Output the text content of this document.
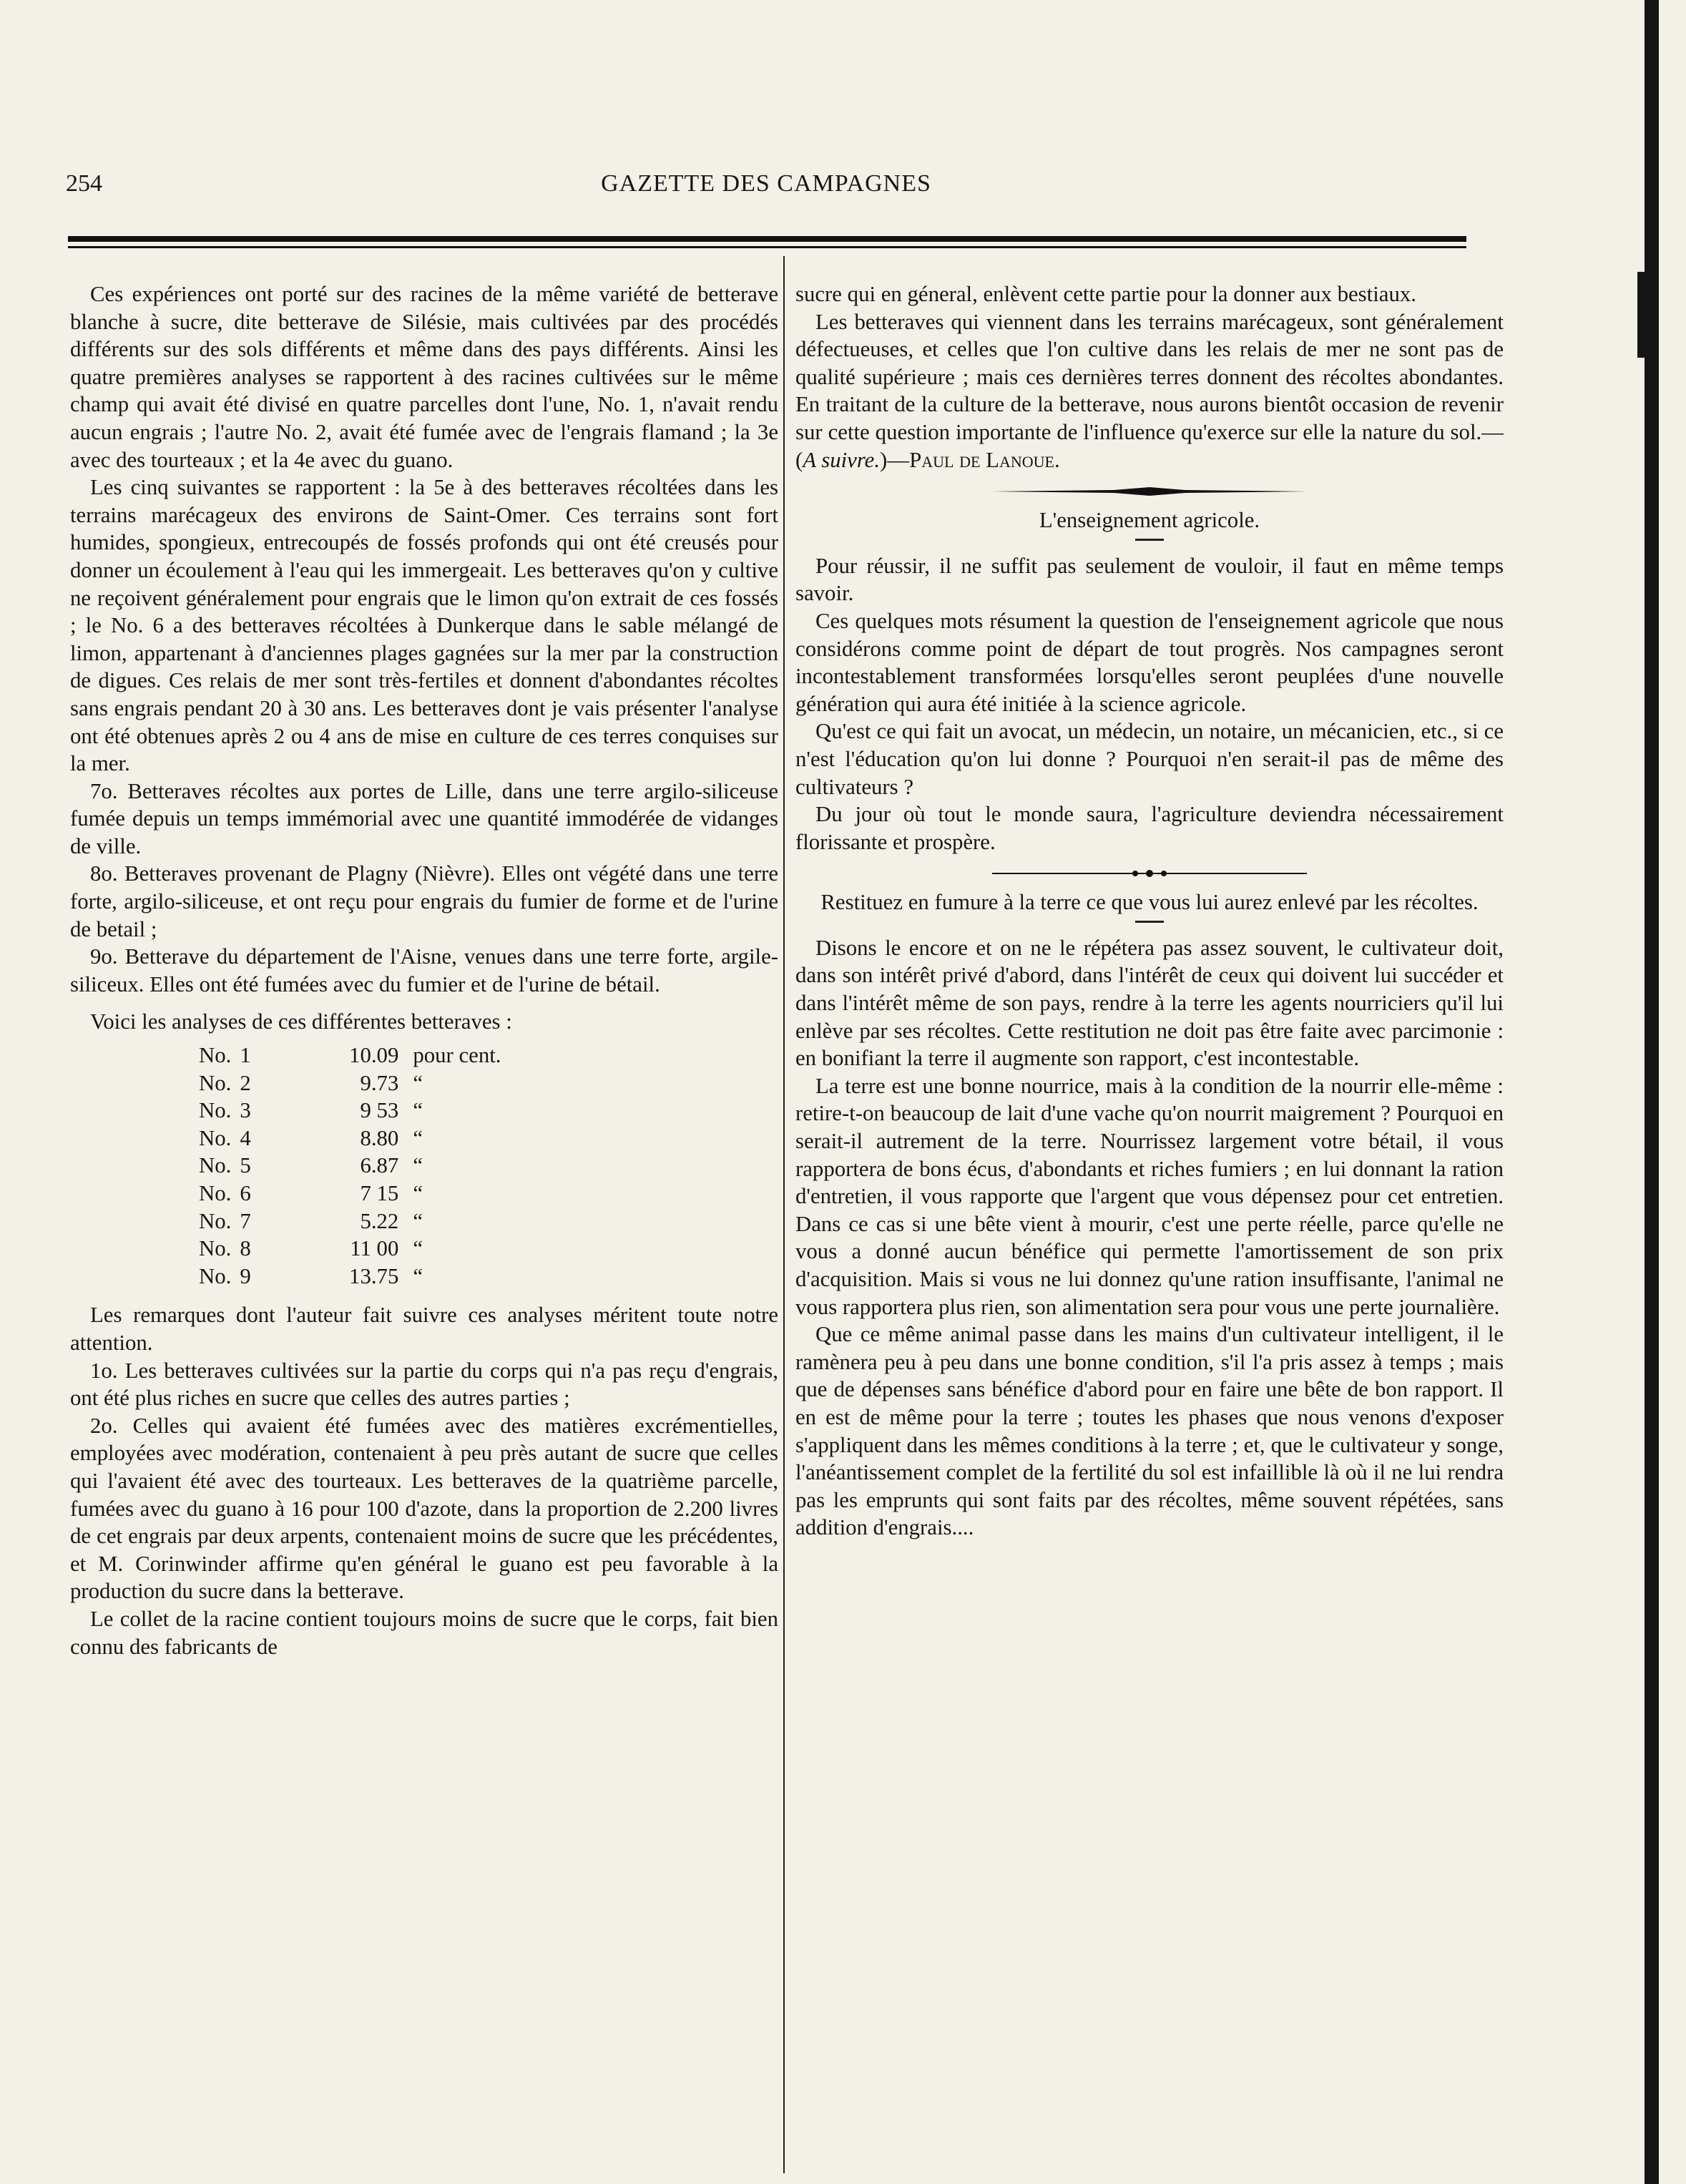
254	GAZETTE DES CAMPAGNES

Ces expériences ont porté sur des racines de la même variété de betterave blanche à sucre, dite betterave de Silésie, mais cultivées par des procédés différents sur des sols différents et même dans des pays différents. Ainsi les quatre premières analyses se rapportent à des racines cultivées sur le même champ qui avait été divisé en quatre parcelles dont l'une, No. 1, n'avait rendu aucun engrais ; l'autre No. 2, avait été fumée avec de l'engrais flamand ; la 3e avec des tourteaux ; et la 4e avec du guano.

Les cinq suivantes se rapportent : la 5e à des betteraves récoltées dans les terrains marécageux des environs de Saint-Omer. Ces terrains sont fort humides, spongieux, entrecoupés de fossés profonds qui ont été creusés pour donner un écoulement à l'eau qui les immergeait. Les betteraves qu'on y cultive ne reçoivent généralement pour engrais que le limon qu'on extrait de ces fossés ; le No. 6 a des betteraves récoltées à Dunkerque dans le sable mélangé de limon, appartenant à d'anciennes plages gagnées sur la mer par la construction de digues. Ces relais de mer sont très-fertiles et donnent d'abondantes récoltes sans engrais pendant 20 à 30 ans. Les betteraves dont je vais présenter l'analyse ont été obtenues après 2 ou 4 ans de mise en culture de ces terres conquises sur la mer.

7o. Betteraves récoltes aux portes de Lille, dans une terre argilo-siliceuse fumée depuis un temps immémorial avec une quantité immodérée de vidanges de ville.

8o. Betteraves provenant de Plagny (Nièvre). Elles ont végété dans une terre forte, argilo-siliceuse, et ont reçu pour engrais du fumier de forme et de l'urine de betail ;

9o. Betterave du département de l'Aisne, venues dans une terre forte, argile-siliceux. Elles ont été fumées avec du fumier et de l'urine de bétail.

Voici les analyses de ces différentes betteraves :

No.	1	10.09	pour cent.
No.	2	9.73	“
No.	3	9 53	“
No.	4	8.80	“
No.	5	6.87	“
No.	6	7 15	“
No.	7	5.22	“
No.	8	11 00	“
No.	9	13.75	“

Les remarques dont l'auteur fait suivre ces analyses méritent toute notre attention.

1o. Les betteraves cultivées sur la partie du corps qui n'a pas reçu d'engrais, ont été plus riches en sucre que celles des autres parties ;

2o. Celles qui avaient été fumées avec des matières excrémentielles, employées avec modération, contenaient à peu près autant de sucre que celles qui l'avaient été avec des tourteaux. Les betteraves de la quatrième parcelle, fumées avec du guano à 16 pour 100 d'azote, dans la proportion de 2.200 livres de cet engrais par deux arpents, contenaient moins de sucre que les précédentes, et M. Corinwinder affirme qu'en général le guano est peu favorable à la production du sucre dans la betterave.

Le collet de la racine contient toujours moins de sucre que le corps, fait bien connu des fabricants de

sucre qui en géneral, enlèvent cette partie pour la donner aux bestiaux.

Les betteraves qui viennent dans les terrains marécageux, sont généralement défectueuses, et celles que l'on cultive dans les relais de mer ne sont pas de qualité supérieure ; mais ces dernières terres donnent des récoltes abondantes. En traitant de la culture de la betterave, nous aurons bientôt occasion de revenir sur cette question importante de l'influence qu'exerce sur elle la nature du sol.—(A suivre.)—Paul de Lanoue.

L'enseignement agricole.

Pour réussir, il ne suffit pas seulement de vouloir, il faut en même temps savoir.

Ces quelques mots résument la question de l'enseignement agricole que nous considérons comme point de départ de tout progrès. Nos campagnes seront incontestablement transformées lorsqu'elles seront peuplées d'une nouvelle génération qui aura été initiée à la science agricole.

Qu'est ce qui fait un avocat, un médecin, un notaire, un mécanicien, etc., si ce n'est l'éducation qu'on lui donne ? Pourquoi n'en serait-il pas de même des cultivateurs ?

Du jour où tout le monde saura, l'agriculture deviendra nécessairement florissante et prospère.

Restituez en fumure à la terre ce que vous lui aurez enlevé par les récoltes.

Disons le encore et on ne le répétera pas assez souvent, le cultivateur doit, dans son intérêt privé d'abord, dans l'intérêt de ceux qui doivent lui succéder et dans l'intérêt même de son pays, rendre à la terre les agents nourriciers qu'il lui enlève par ses récoltes. Cette restitution ne doit pas être faite avec parcimonie : en bonifiant la terre il augmente son rapport, c'est incontestable.

La terre est une bonne nourrice, mais à la condition de la nourrir elle-même : retire-t-on beaucoup de lait d'une vache qu'on nourrit maigrement ? Pourquoi en serait-il autrement de la terre. Nourrissez largement votre bétail, il vous rapportera de bons écus, d'abondants et riches fumiers ; en lui donnant la ration d'entretien, il vous rapporte que l'argent que vous dépensez pour cet entretien. Dans ce cas si une bête vient à mourir, c'est une perte réelle, parce qu'elle ne vous a donné aucun bénéfice qui permette l'amortissement de son prix d'acquisition. Mais si vous ne lui donnez qu'une ration insuffisante, l'animal ne vous rapportera plus rien, son alimentation sera pour vous une perte journalière.

Que ce même animal passe dans les mains d'un cultivateur intelligent, il le ramènera peu à peu dans une bonne condition, s'il l'a pris assez à temps ; mais que de dépenses sans bénéfice d'abord pour en faire une bête de bon rapport. Il en est de même pour la terre ; toutes les phases que nous venons d'exposer s'appliquent dans les mêmes conditions à la terre ; et, que le cultivateur y songe, l'anéantissement complet de la fertilité du sol est infaillible là où il ne lui rendra pas les emprunts qui sont faits par des récoltes, même souvent répétées, sans addition d'engrais....
